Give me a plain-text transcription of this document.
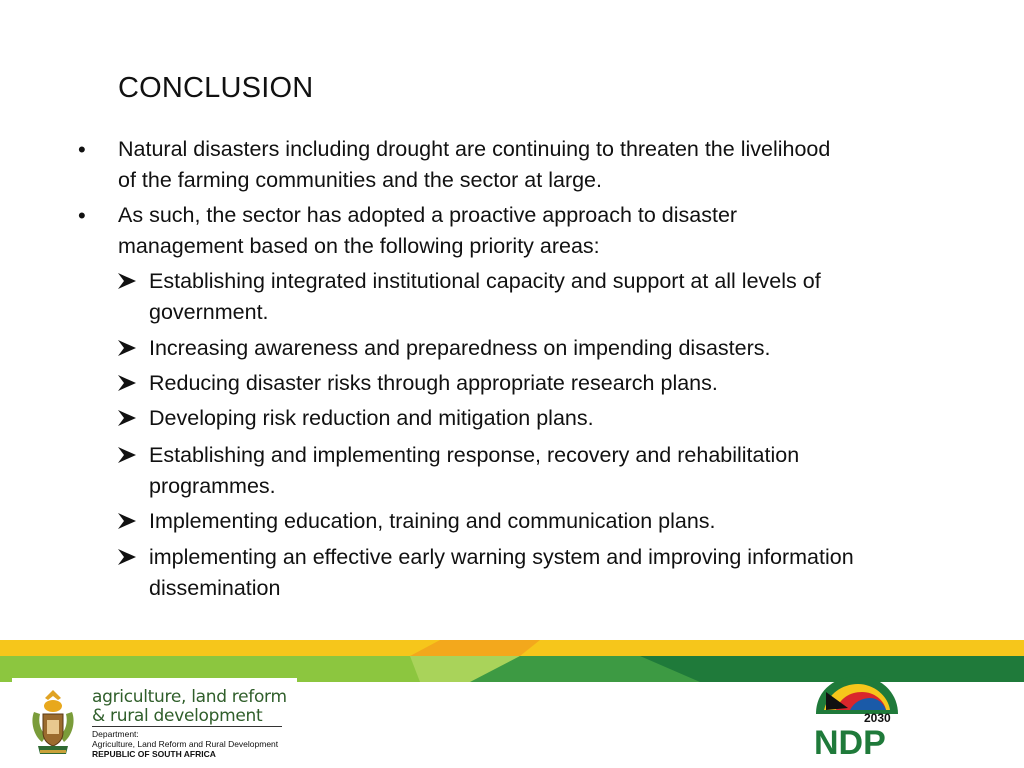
CONCLUSION
• Natural disasters including drought are continuing to threaten the livelihood
of the farming communities and the sector at large.
• As such, the sector has adopted a proactive approach to disaster
management based on the following priority areas:
Establishing integrated institutional capacity and support at all levels of
government.
Increasing awareness and preparedness on impending disasters.
Reducing disaster risks through appropriate research plans.
Developing risk reduction and mitigation plans.
Establishing and implementing response, recovery and rehabilitation
programmes.
Implementing education, training and communication plans.
implementing an effective early warning system and improving information
dissemination
agriculture, land reform
& rural development
Department:
Agriculture, Land Reform and Rural Development
REPUBLIC OF SOUTH AFRICA
2030
NDP
